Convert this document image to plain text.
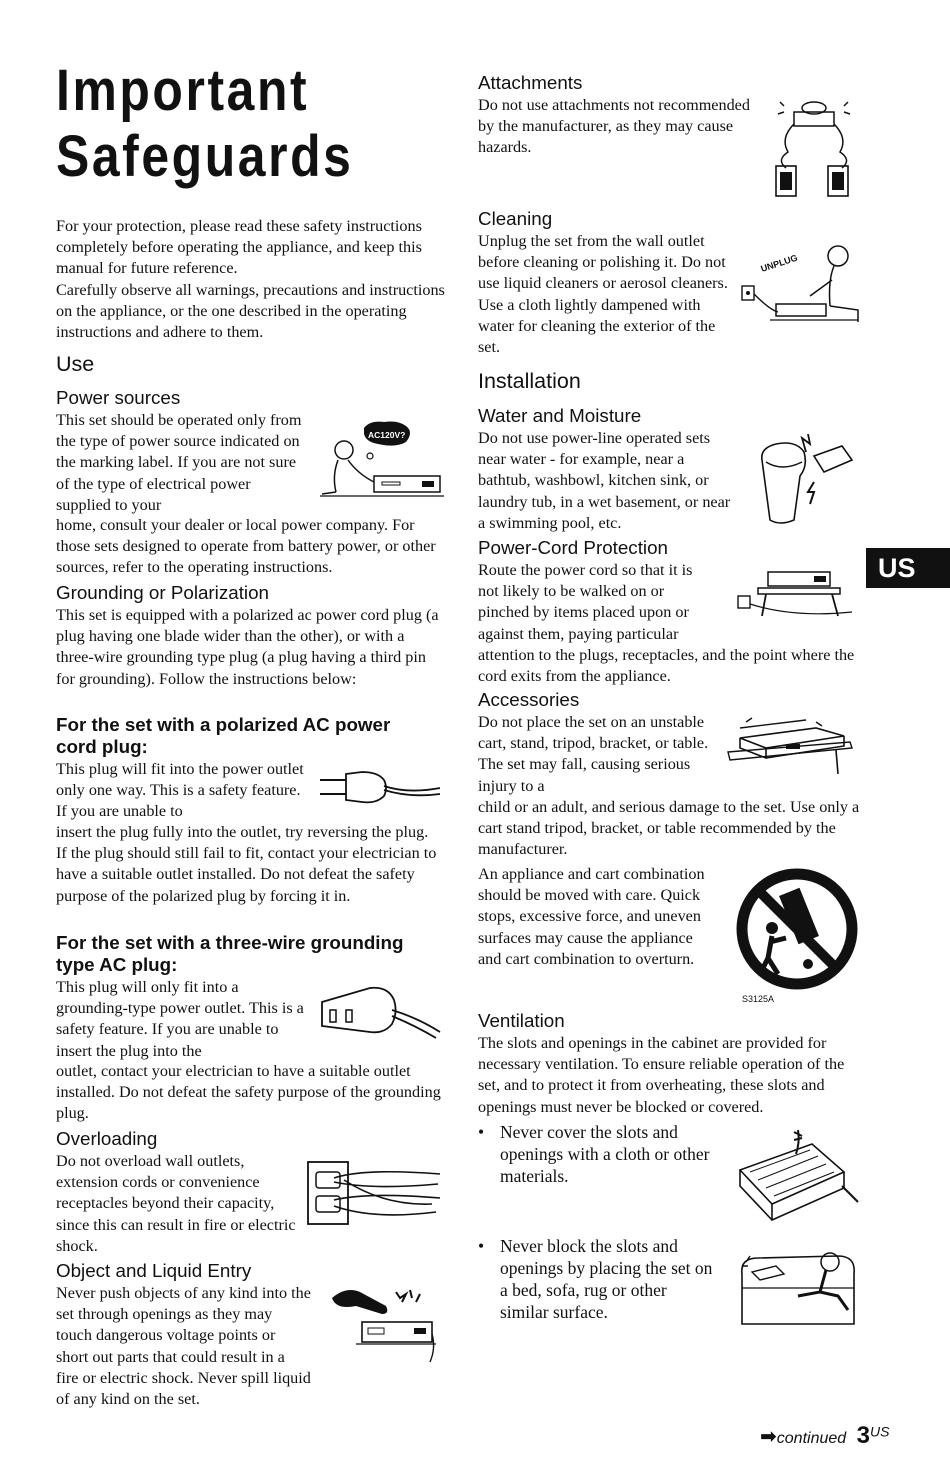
Important
Safeguards

For your protection, please read these safety instructions completely before operating the appliance, and keep this manual for future reference.

Carefully observe all warnings, precautions and instructions on the appliance, or the one described in the operating instructions and adhere to them.

Use
Power sources

This set should be operated only from the type of power source indicated on the marking label. If you are not sure of the type of electrical power supplied to your

home, consult your dealer or local power company. For those sets designed to operate from battery power, or other sources, refer to the operating instructions.

AC120V?
Grounding or Polarization

This set is equipped with a polarized ac power cord plug (a plug having one blade wider than the other), or with a three-wire grounding type plug (a plug having a third pin for grounding). Follow the instructions below:

For the set with a polarized AC power cord plug:

This plug will fit into the power outlet only one way. This is a safety feature. If you are unable to

insert the plug fully into the outlet, try reversing the plug. If the plug should still fail to fit, contact your electrician to have a suitable outlet installed. Do not defeat the safety purpose of the polarized plug by forcing it in.

For the set with a three-wire grounding type AC plug:

This plug will only fit into a grounding-type power outlet. This is a safety feature. If you are unable to insert the plug into the

outlet, contact your electrician to have a suitable outlet installed. Do not defeat the safety purpose of the grounding plug.

Overloading

Do not overload wall outlets, extension cords or convenience receptacles beyond their capacity, since this can result in fire or electric shock.

Object and Liquid Entry

Never push objects of any kind into the set through openings as they may touch dangerous voltage points or short out parts that could result in a fire or electric shock. Never spill liquid of any kind on the set.

Attachments

Do not use attachments not recommended by the manufacturer, as they may cause hazards.

Cleaning

Unplug the set from the wall outlet before cleaning or polishing it. Do not use liquid cleaners or aerosol cleaners. Use a cloth lightly dampened with water for cleaning the exterior of the set.

UNPLUG
Installation
Water and Moisture

Do not use power-line operated sets near water - for example, near a bathtub, washbowl, kitchen sink, or laundry tub, in a wet basement, or near a swimming pool, etc.

Power-Cord Protection

Route the power cord so that it is not likely to be walked on or pinched by items placed upon or against them, paying particular

attention to the plugs, receptacles, and the point where the cord exits from the appliance.

Accessories

Do not place the set on an unstable cart, stand, tripod, bracket, or table. The set may fall, causing serious injury to a

child or an adult, and serious damage to the set. Use only a cart stand tripod, bracket, or table recommended by the manufacturer.

An appliance and cart combination should be moved with care. Quick stops, excessive force, and uneven surfaces may cause the appliance and cart combination to overturn.

S3125A
Ventilation

The slots and openings in the cabinet are provided for necessary ventilation. To ensure reliable operation of the set, and to protect it from overheating, these slots and openings must never be blocked or covered.

• Never cover the slots and openings with a cloth or other materials.
• Never block the slots and openings by placing the set on a bed, sofa, rug or other similar surface.
US
➡continued $3^{US}$
